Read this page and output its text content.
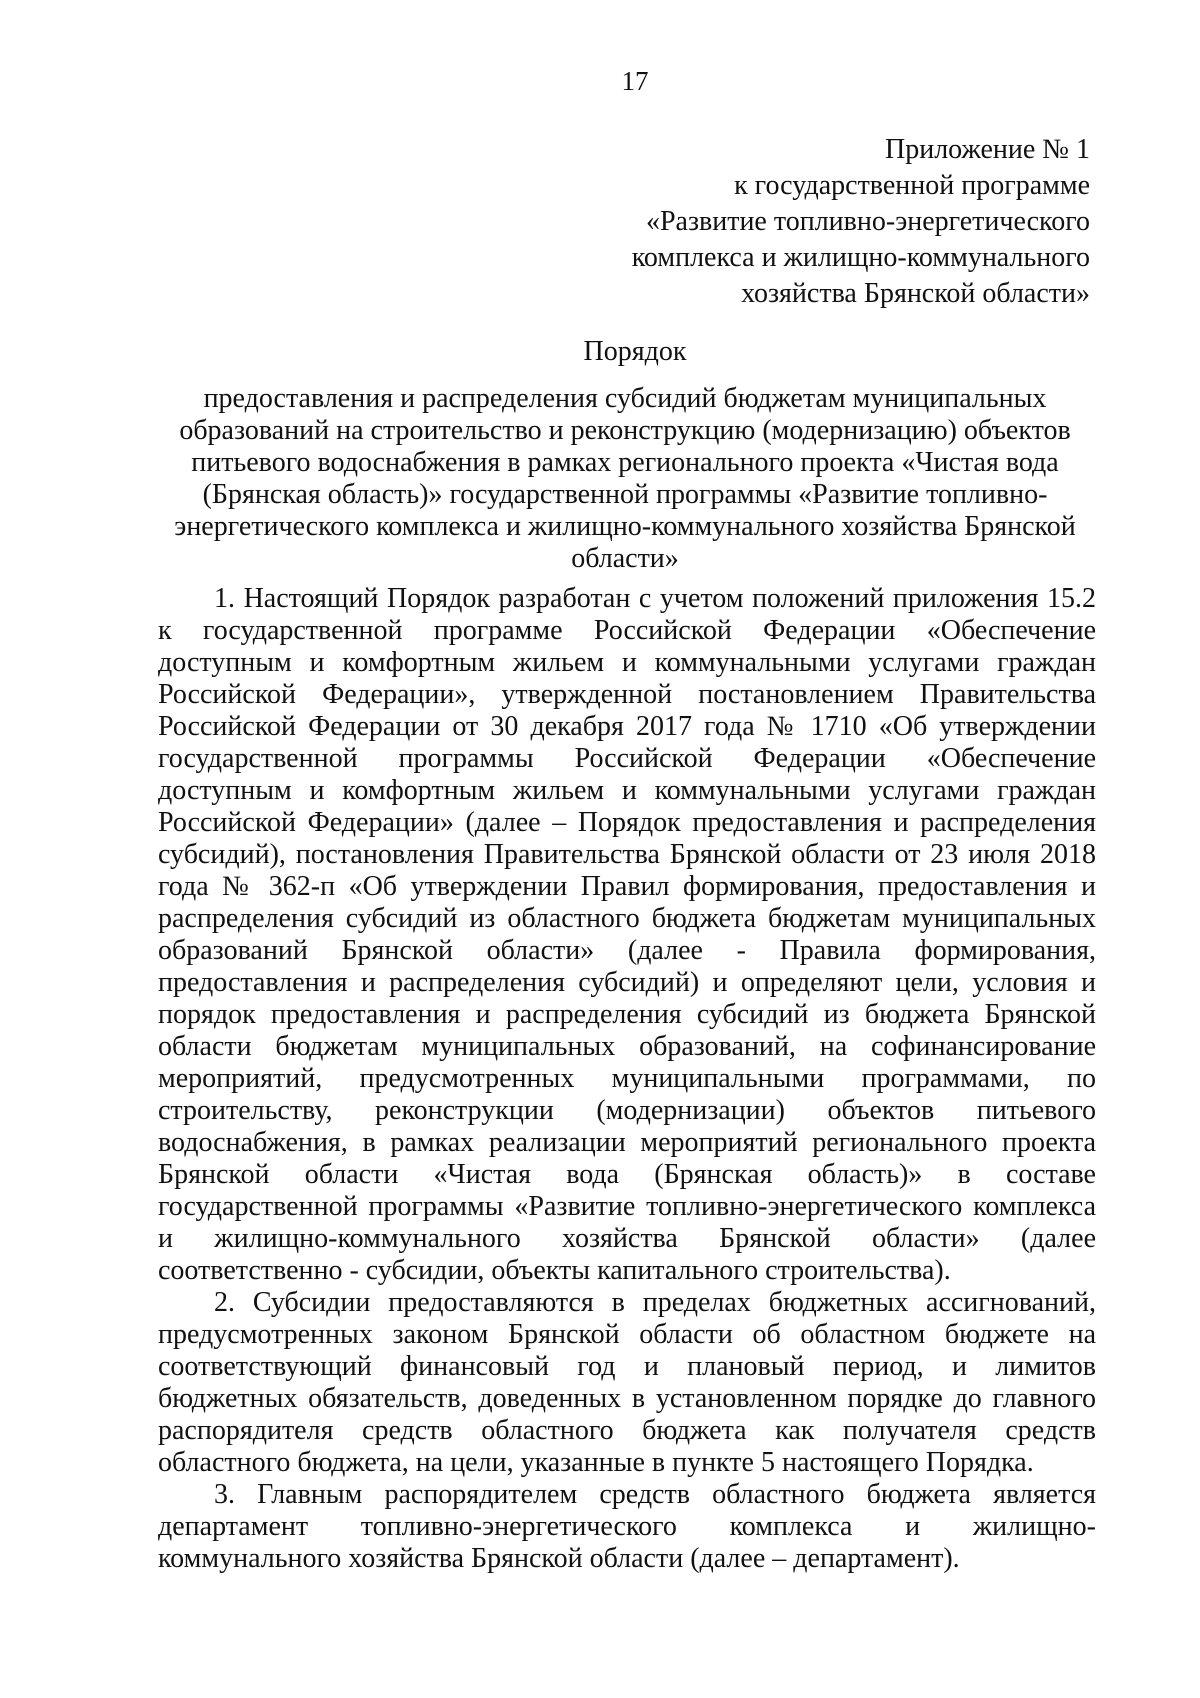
17
Приложение № 1
к государственной программе
«Развитие топливно-энергетического
комплекса и жилищно-коммунального
хозяйства Брянской области»
Порядок
предоставления и распределения субсидий бюджетам муниципальных
образований на строительство и реконструкцию (модернизацию) объектов
питьевого водоснабжения в рамках регионального проекта «Чистая вода
(Брянская область)» государственной программы «Развитие топливно-
энергетического комплекса и жилищно-коммунального хозяйства Брянской
области»

1. Настоящий Порядок разработан с учетом положений приложения 15.2
к государственной программе Российской Федерации «Обеспечение
доступным и комфортным жильем и коммунальными услугами граждан
Российской Федерации», утвержденной постановлением Правительства
Российской Федерации от 30 декабря 2017 года № 1710 «Об утверждении
государственной программы Российской Федерации «Обеспечение
доступным и комфортным жильем и коммунальными услугами граждан
Российской Федерации» (далее – Порядок предоставления и распределения
субсидий), постановления Правительства Брянской области от 23 июля 2018
года № 362-п «Об утверждении Правил формирования, предоставления и
распределения субсидий из областного бюджета бюджетам муниципальных
образований Брянской области» (далее - Правила формирования,
предоставления и распределения субсидий) и определяют цели, условия и
порядок предоставления и распределения субсидий из бюджета Брянской
области бюджетам муниципальных образований, на софинансирование
мероприятий, предусмотренных муниципальными программами, по
строительству, реконструкции (модернизации) объектов питьевого
водоснабжения, в рамках реализации мероприятий регионального проекта
Брянской области «Чистая вода (Брянская область)» в составе
государственной программы «Развитие топливно-энергетического комплекса
и жилищно-коммунального хозяйства Брянской области» (далее
соответственно - субсидии, объекты капитального строительства).

2. Субсидии предоставляются в пределах бюджетных ассигнований,
предусмотренных законом Брянской области об областном бюджете на
соответствующий финансовый год и плановый период, и лимитов
бюджетных обязательств, доведенных в установленном порядке до главного
распорядителя средств областного бюджета как получателя средств
областного бюджета, на цели, указанные в пункте 5 настоящего Порядка.

3. Главным распорядителем средств областного бюджета является
департамент топливно-энергетического комплекса и жилищно-
коммунального хозяйства Брянской области (далее – департамент).
